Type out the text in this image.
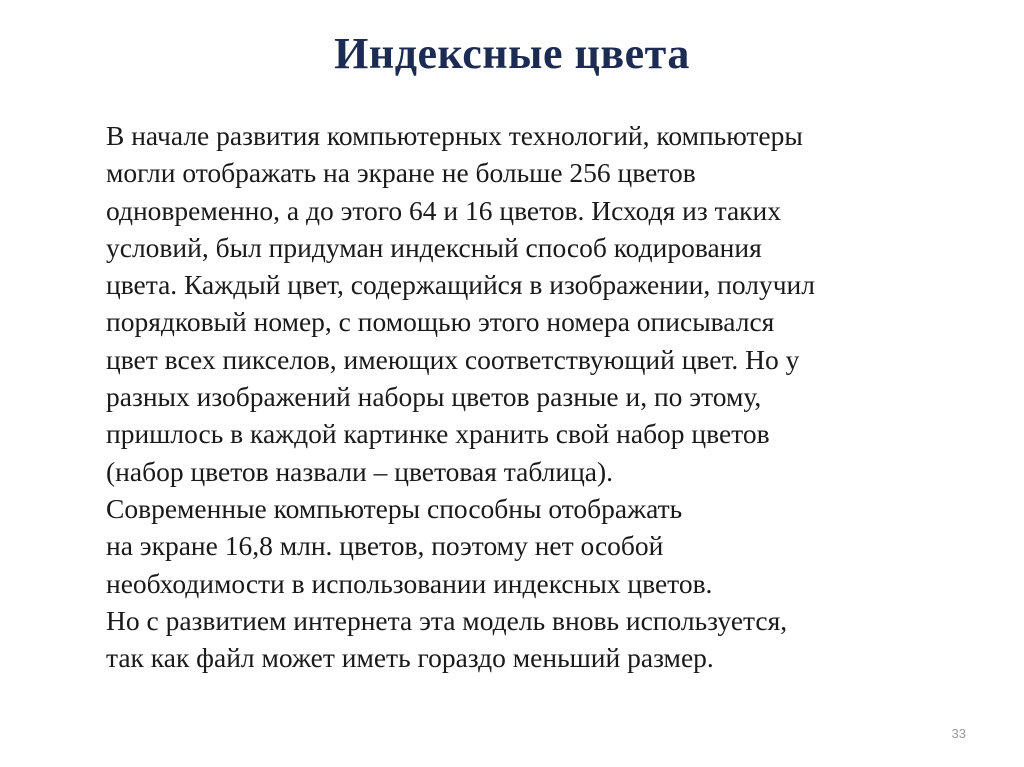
Индексные цвета
В начале развития компьютерных технологий, компьютеры
могли отображать на экране не больше 256 цветов
одновременно, а до этого 64 и 16 цветов. Исходя из таких
условий, был придуман индексный способ кодирования
цвета. Каждый цвет, содержащийся в изображении, получил
порядковый номер, с помощью этого номера описывался
цвет всех пикселов, имеющих соответствующий цвет. Но у
разных изображений наборы цветов разные и, по этому,
пришлось в каждой картинке хранить свой набор цветов
(набор цветов назвали – цветовая таблица).
Современные компьютеры способны отображать
на экране 16,8 млн. цветов, поэтому нет особой
необходимости в использовании индексных цветов.
Но с развитием интернета эта модель вновь используется,
так как файл может иметь гораздо меньший размер.
33
